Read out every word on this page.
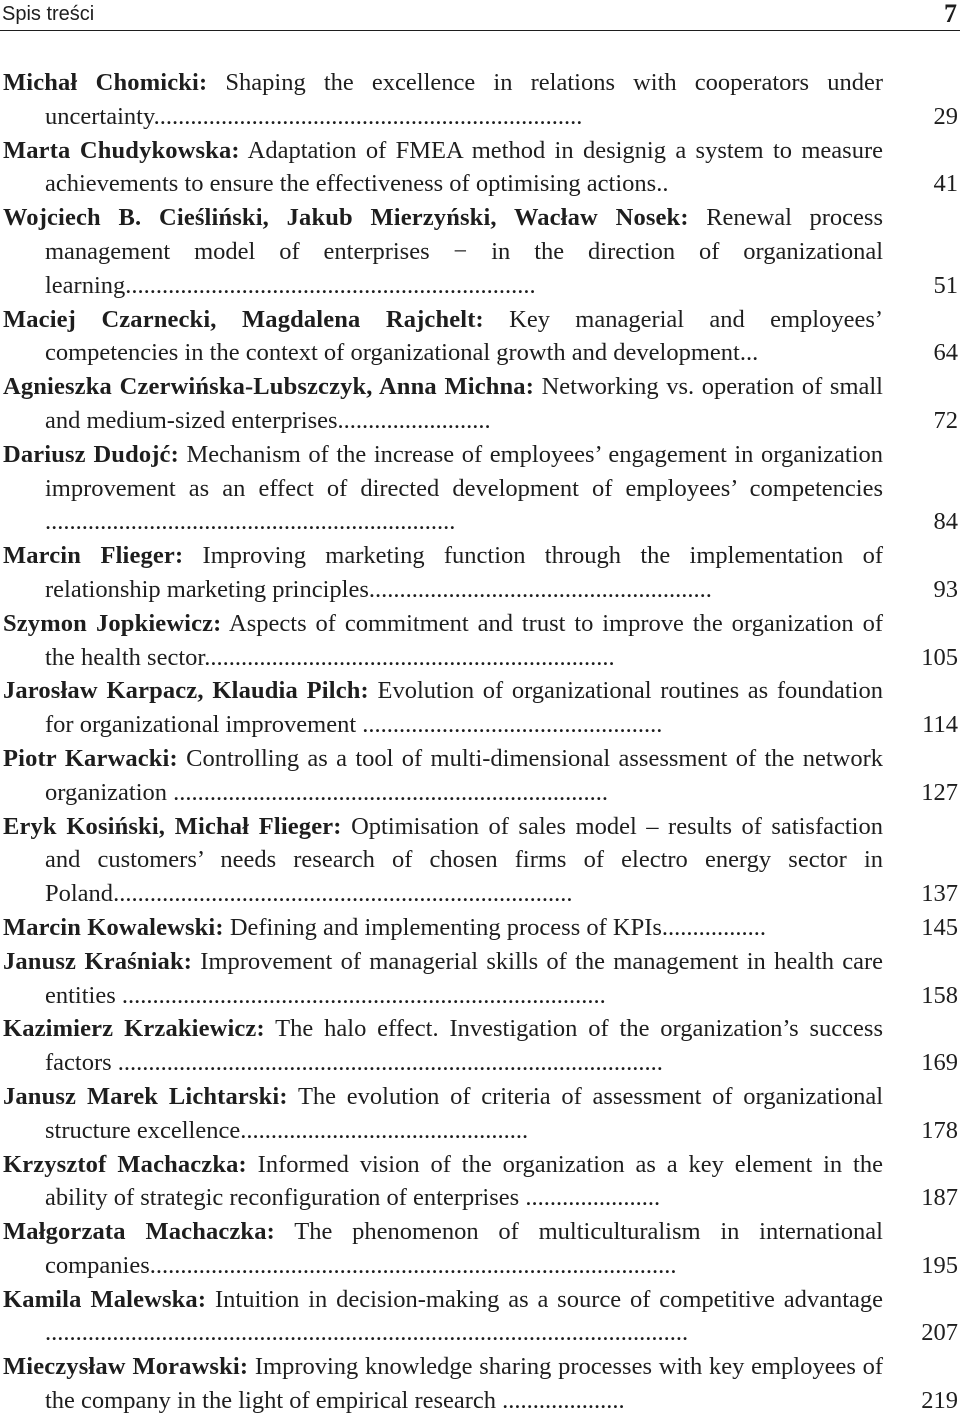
Spis treści	7
Michał Chomicki: Shaping the excellence in relations with cooperators under uncertainty......................................................................	29
Marta Chudykowska: Adaptation of FMEA method in designig a system to measure achievements to ensure the effectiveness of optimising actions..	41
Wojciech B. Cieśliński, Jakub Mierzyński, Wacław Nosek: Renewal process management model of enterprises − in the direction of organizational learning...................................................................	51
Maciej Czarnecki, Magdalena Rajchelt: Key managerial and employees’ competencies in the context of organizational growth and development...	64
Agnieszka Czerwińska-Lubszczyk, Anna Michna: Networking vs. operation of small and medium-sized enterprises.........................	72
Dariusz Dudojć: Mechanism of the increase of employees’ engagement in organization improvement as an effect of directed development of employees’ competencies ...................................................................	84
Marcin Flieger: Improving marketing function through the implementation of relationship marketing principles........................................................	93
Szymon Jopkiewicz: Aspects of commitment and trust to improve the organization of the health sector...................................................................	105
Jarosław Karpacz, Klaudia Pilch: Evolution of organizational routines as foundation for organizational improvement .................................................	114
Piotr Karwacki: Controlling as a tool of multi-dimensional assessment of the network organization .......................................................................	127
Eryk Kosiński, Michał Flieger: Optimisation of sales model – results of satisfaction and customers’ needs research of chosen firms of electro energy sector in Poland...........................................................................	137
Marcin Kowalewski: Defining and implementing process of KPIs.................	145
Janusz Kraśniak: Improvement of managerial skills of the management in health care entities ...............................................................................	158
Kazimierz Krzakiewicz: The halo effect. Investigation of the organization’s success factors .........................................................................................	169
Janusz Marek Lichtarski: The evolution of criteria of assessment of organizational structure excellence...............................................	178
Krzysztof Machaczka: Informed vision of the organization as a key element in the ability of strategic reconfiguration of enterprises ......................	187
Małgorzata Machaczka: The phenomenon of multiculturalism in international companies......................................................................................	195
Kamila Malewska: Intuition in decision-making as a source of competitive advantage .........................................................................................................	207
Mieczysław Morawski: Improving knowledge sharing processes with key employees of the company in the light of empirical research ....................	219
